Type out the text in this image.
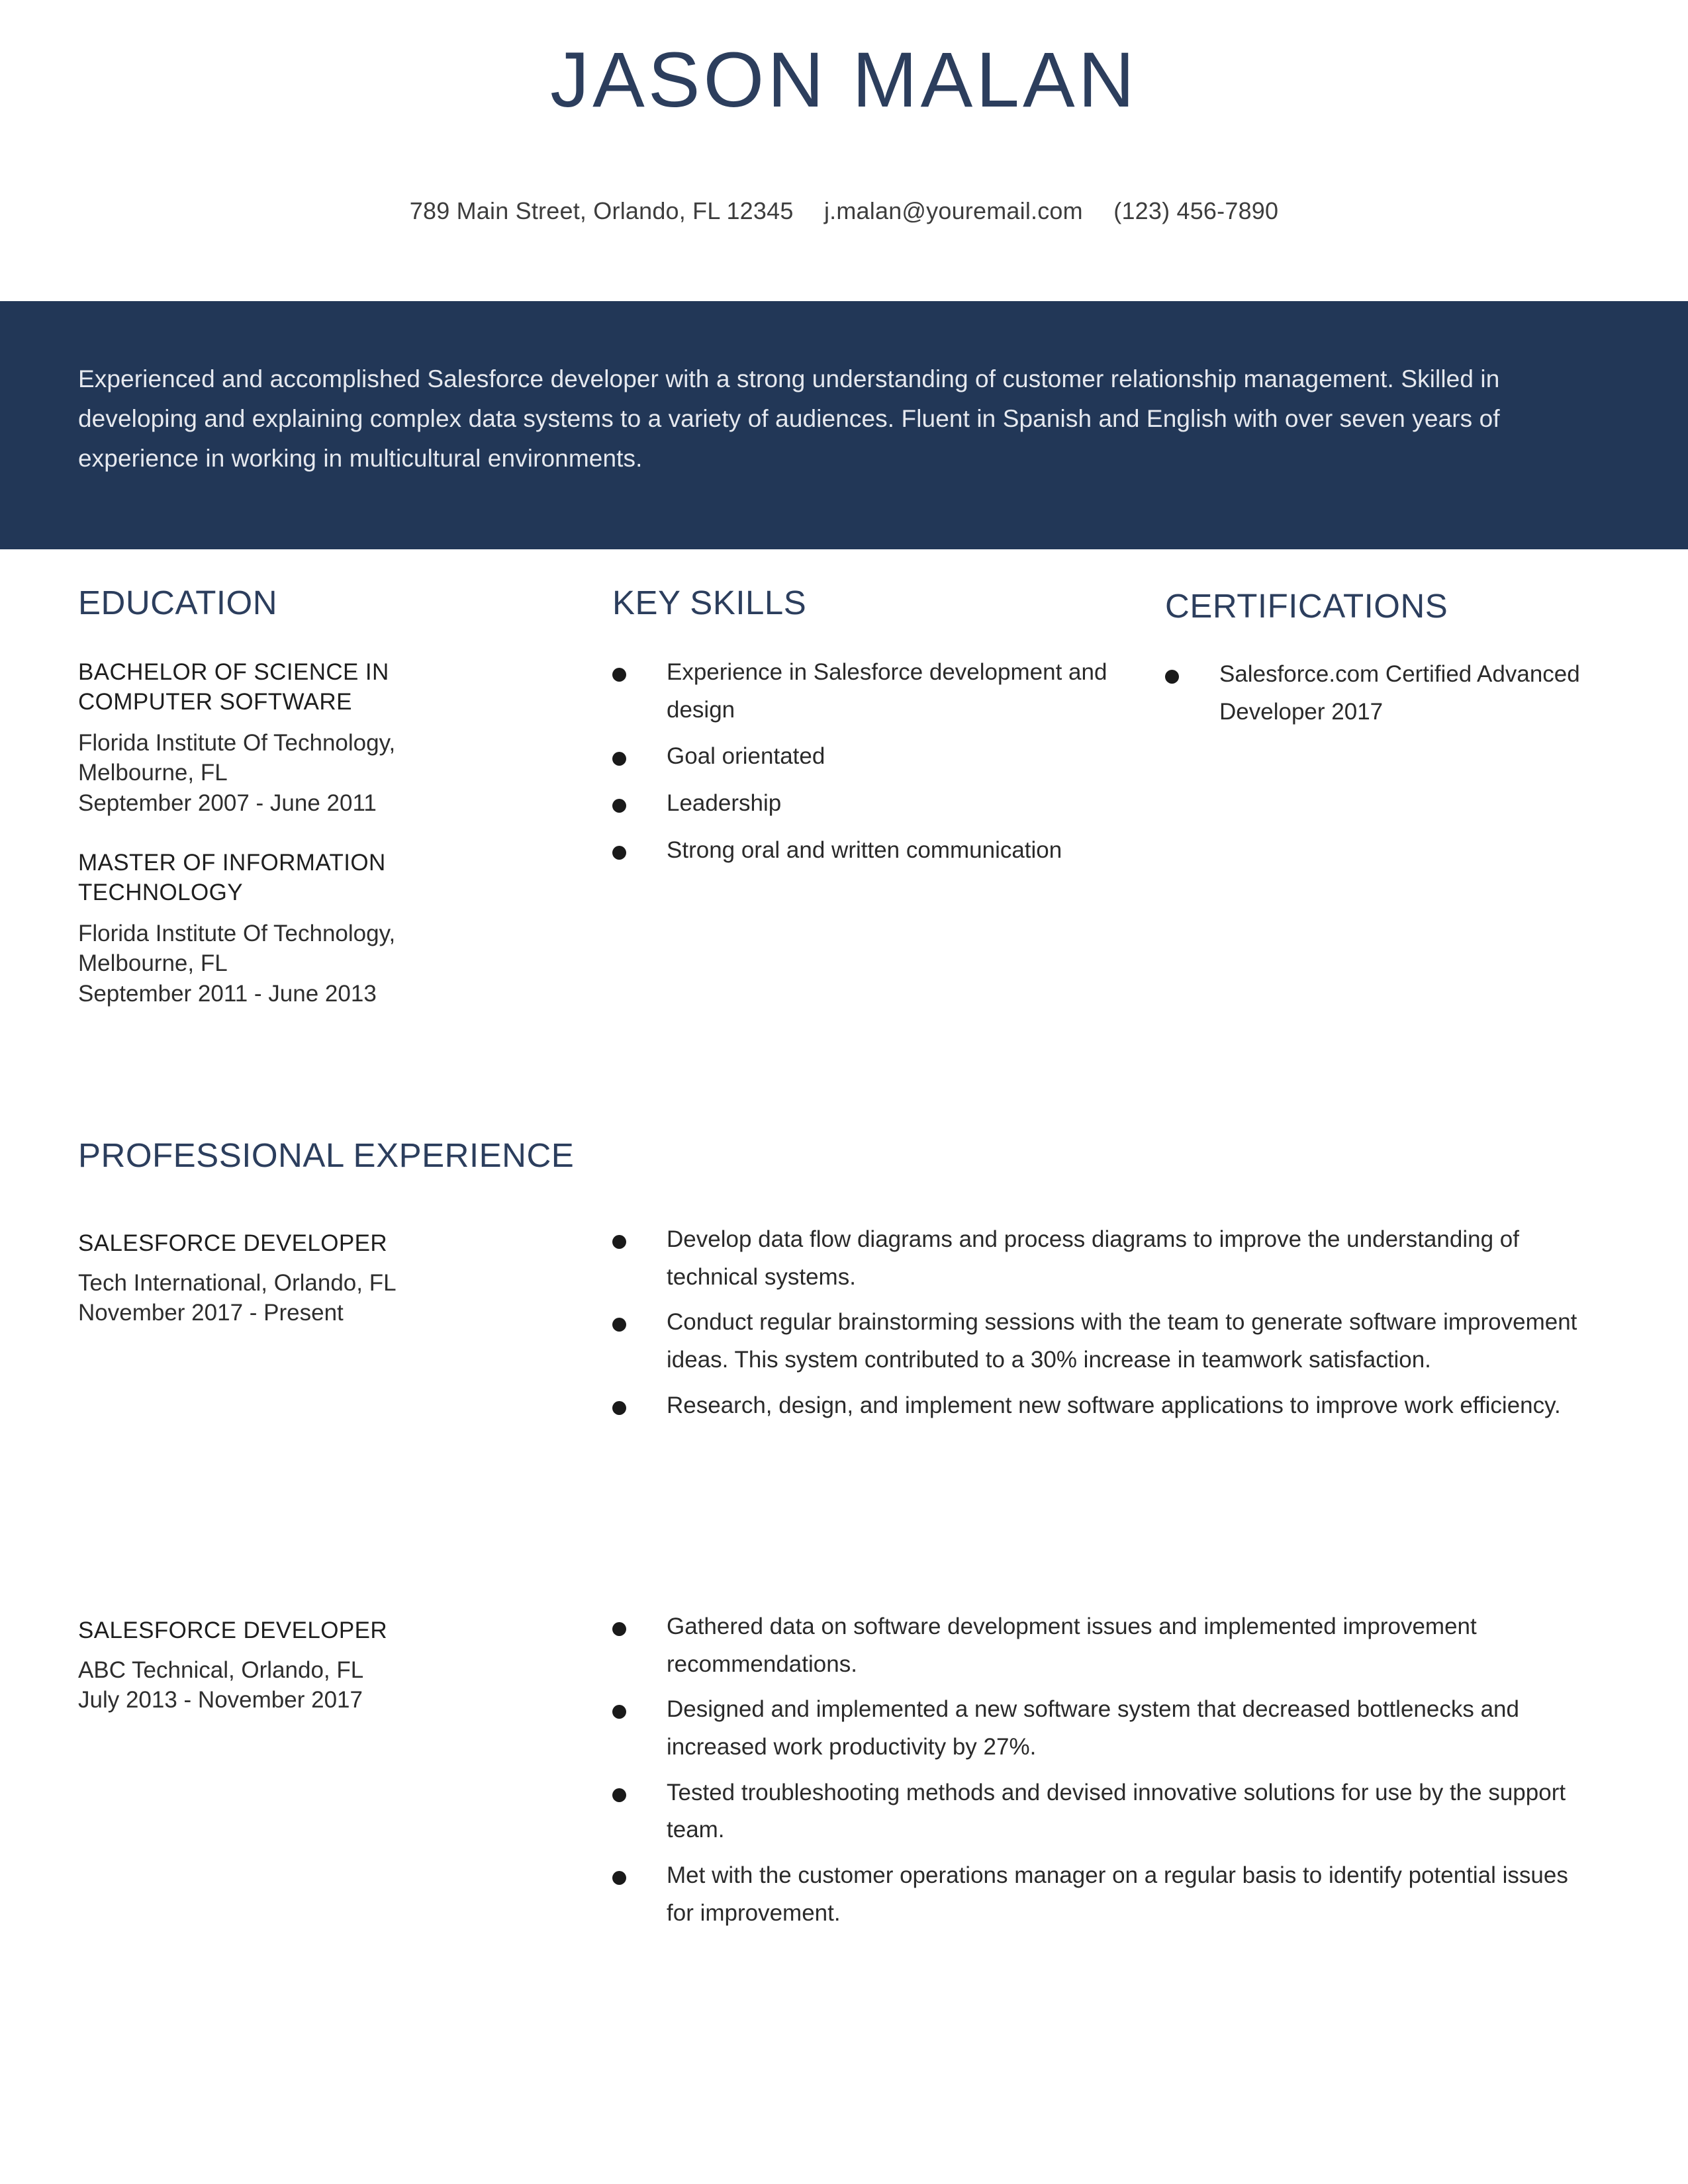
JASON MALAN
789 Main Street, Orlando, FL 12345 j.malan@youremail.com (123) 456-7890
Experienced and accomplished Salesforce developer with a strong understanding of customer relationship management. Skilled in developing and explaining complex data systems to a variety of audiences. Fluent in Spanish and English with over seven years of experience in working in multicultural environments.
EDUCATION
BACHELOR OF SCIENCE IN
COMPUTER SOFTWARE
Florida Institute Of Technology,
Melbourne, FL
September 2007 - June 2011
MASTER OF INFORMATION
TECHNOLOGY
Florida Institute Of Technology,
Melbourne, FL
September 2011 - June 2013
KEY SKILLS
Experience in Salesforce development and design
Goal orientated
Leadership
Strong oral and written communication
CERTIFICATIONS
Salesforce.com Certified Advanced Developer 2017
PROFESSIONAL EXPERIENCE
SALESFORCE DEVELOPER
Tech International, Orlando, FL
November 2017 - Present
Develop data flow diagrams and process diagrams to improve the understanding of technical systems.
Conduct regular brainstorming sessions with the team to generate software improvement ideas. This system contributed to a 30% increase in teamwork satisfaction.
Research, design, and implement new software applications to improve work efficiency.
SALESFORCE DEVELOPER
ABC Technical, Orlando, FL
July 2013 - November 2017
Gathered data on software development issues and implemented improvement recommendations.
Designed and implemented a new software system that decreased bottlenecks and increased work productivity by 27%.
Tested troubleshooting methods and devised innovative solutions for use by the support team.
Met with the customer operations manager on a regular basis to identify potential issues for improvement.
